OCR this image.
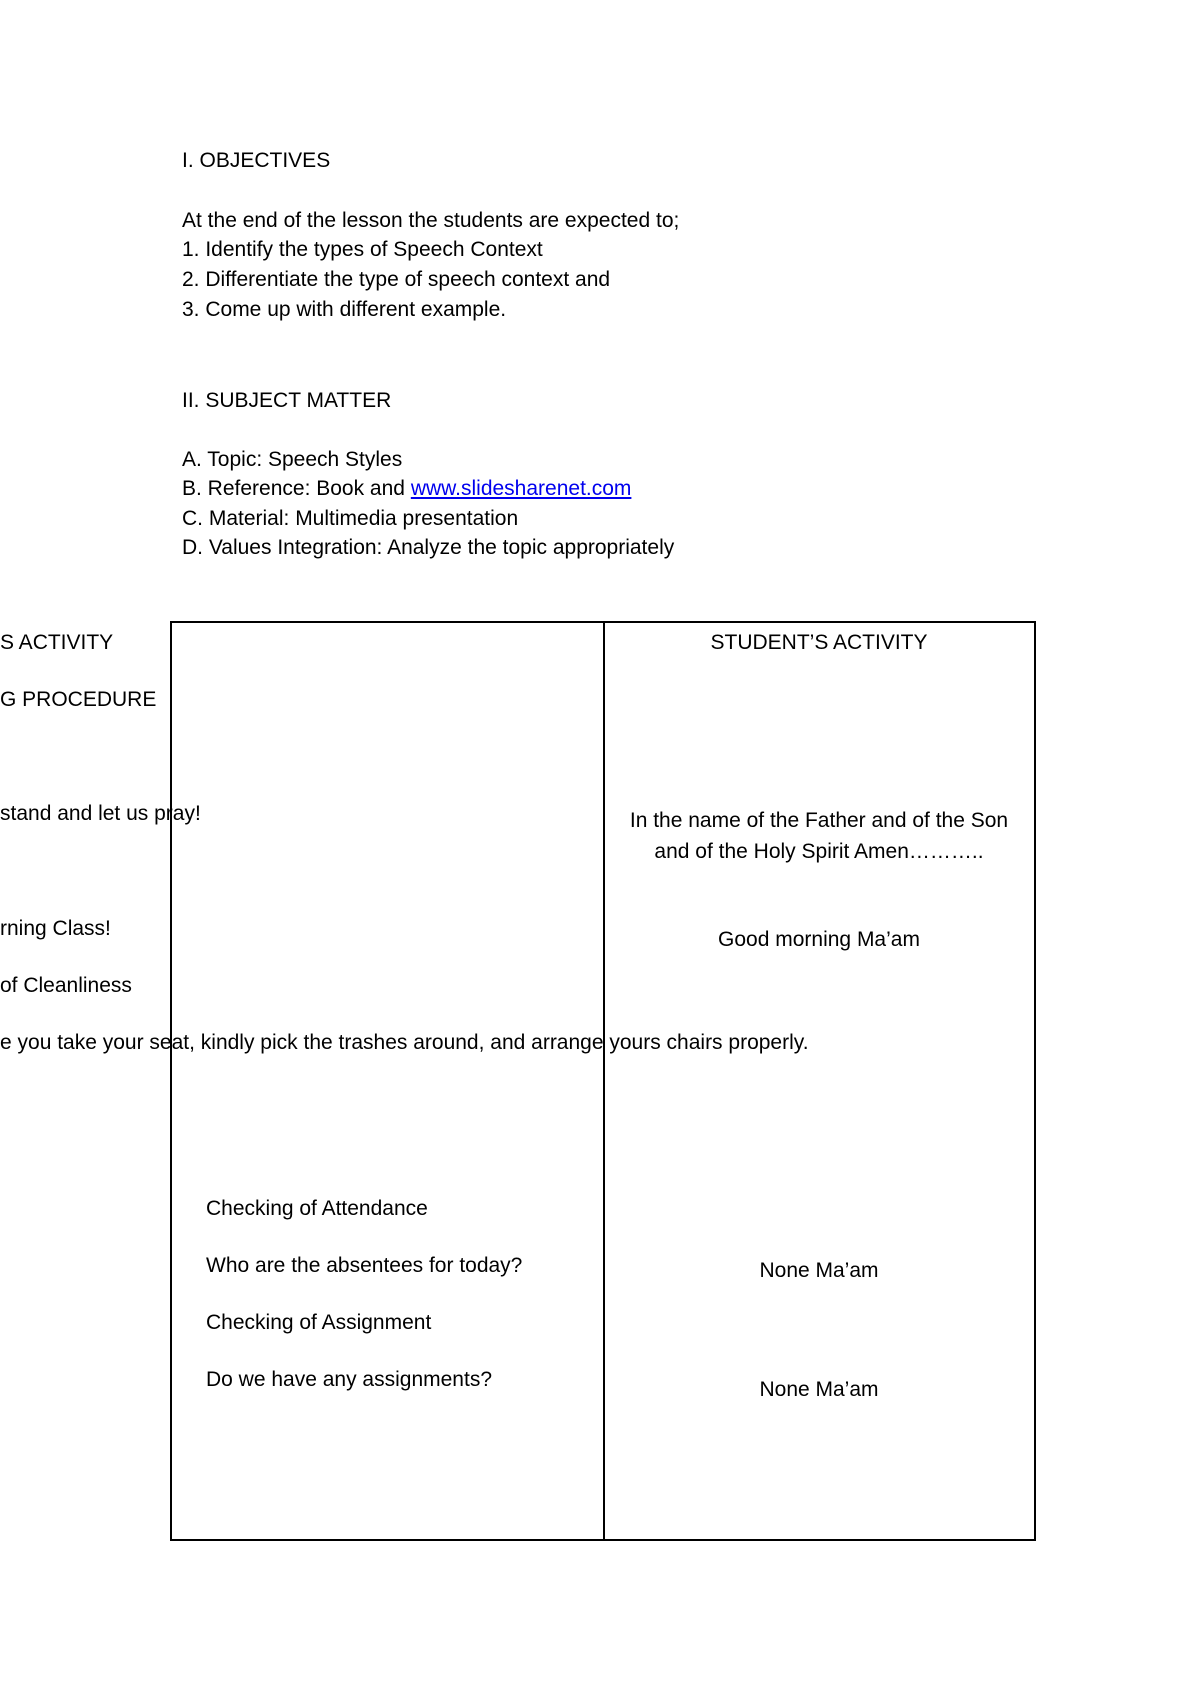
I. OBJECTIVES
At the end of the lesson the students are expected to;
1. Identify the types of Speech Context
2. Differentiate the type of speech context and
3. Come up with different example.
II. SUBJECT MATTER
A. Topic: Speech Styles
B. Reference: Book and www.slidesharenet.com
C. Material: Multimedia presentation
D. Values Integration: Analyze the topic appropriately
S ACTIVITY
G PROCEDURE
stand and let us pray!
rning Class!
of Cleanliness
e you take your seat, kindly pick the trashes around, and arrange yours chairs properly.
Checking of Attendance
Who are the absentees for today?
Checking of Assignment
Do we have any assignments?
STUDENT’S ACTIVITY
In the name of the Father and of the Son
and of the Holy Spirit Amen………..
Good morning Ma’am
None Ma’am
None Ma’am
